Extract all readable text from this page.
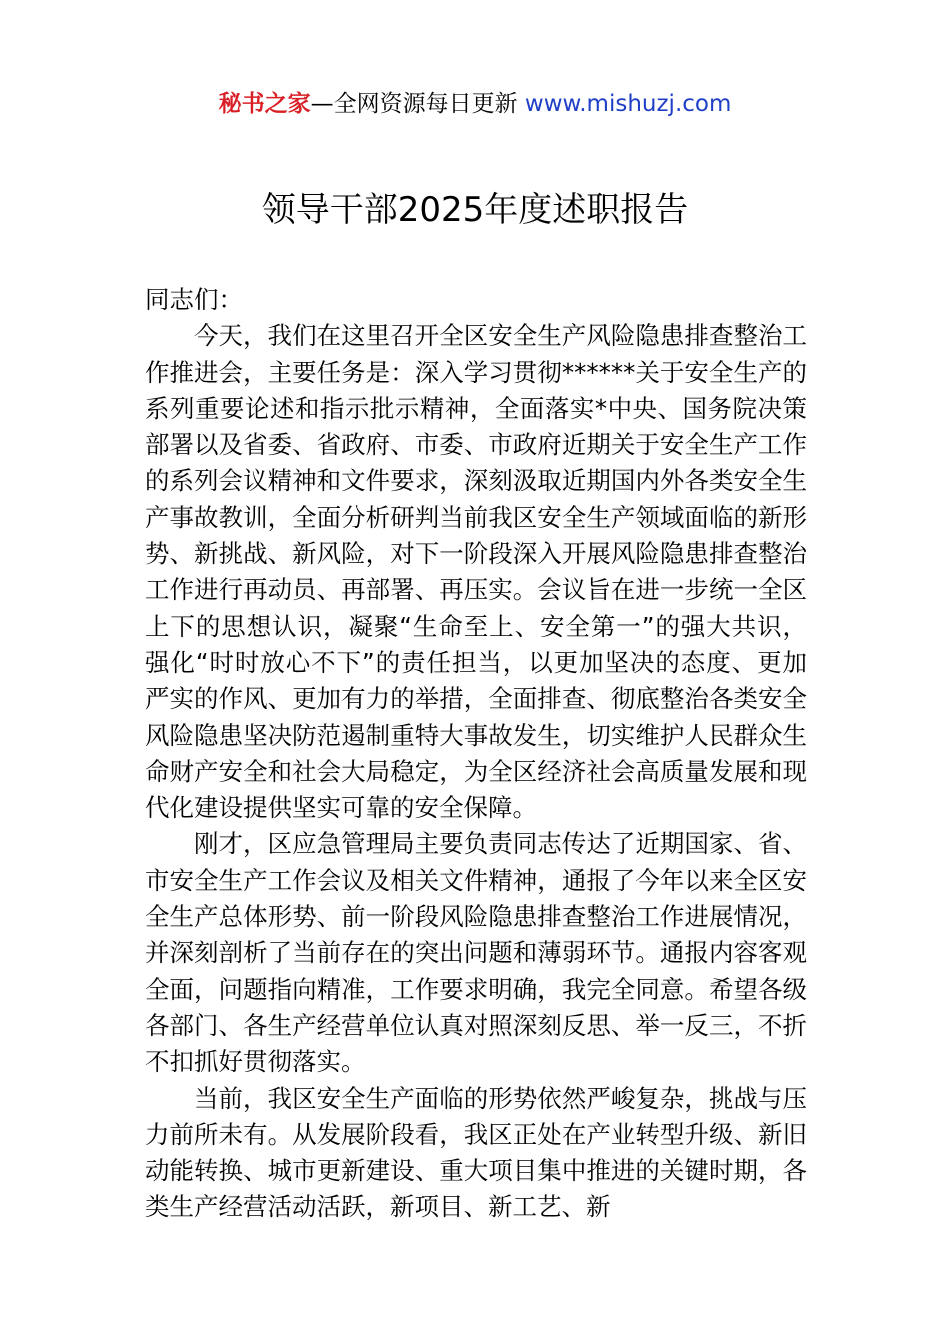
秘书之家—全网资源每日更新 www.mishuzj.com
领导干部2025年度述职报告

同志们：

今天，我们在这里召开全区安全生产风险隐患排查整治工作推进会，主要任务是：深入学习贯彻******关于安全生产的系列重要论述和指示批示精神，全面落实*中央、国务院决策部署以及省委、省政府、市委、市政府近期关于安全生产工作的系列会议精神和文件要求，深刻汲取近期国内外各类安全生产事故教训，全面分析研判当前我区安全生产领域面临的新形势、新挑战、新风险，对下一阶段深入开展风险隐患排查整治工作进行再动员、再部署、再压实。会议旨在进一步统一全区上下的思想认识，凝聚“生命至上、安全第一”的强大共识，强化“时时放心不下”的责任担当，以更加坚决的态度、更加严实的作风、更加有力的举措，全面排查、彻底整治各类安全风险隐患坚决防范遏制重特大事故发生，切实维护人民群众生命财产安全和社会大局稳定，为全区经济社会高质量发展和现代化建设提供坚实可靠的安全保障。

刚才，区应急管理局主要负责同志传达了近期国家、省、市安全生产工作会议及相关文件精神，通报了今年以来全区安全生产总体形势、前一阶段风险隐患排查整治工作进展情况，并深刻剖析了当前存在的突出问题和薄弱环节。通报内容客观全面，问题指向精准，工作要求明确，我完全同意。希望各级各部门、各生产经营单位认真对照深刻反思、举一反三，不折不扣抓好贯彻落实。

当前，我区安全生产面临的形势依然严峻复杂，挑战与压力前所未有。从发展阶段看，我区正处在产业转型升级、新旧动能转换、城市更新建设、重大项目集中推进的关键时期，各类生产经营活动活跃，新项目、新工艺、新
